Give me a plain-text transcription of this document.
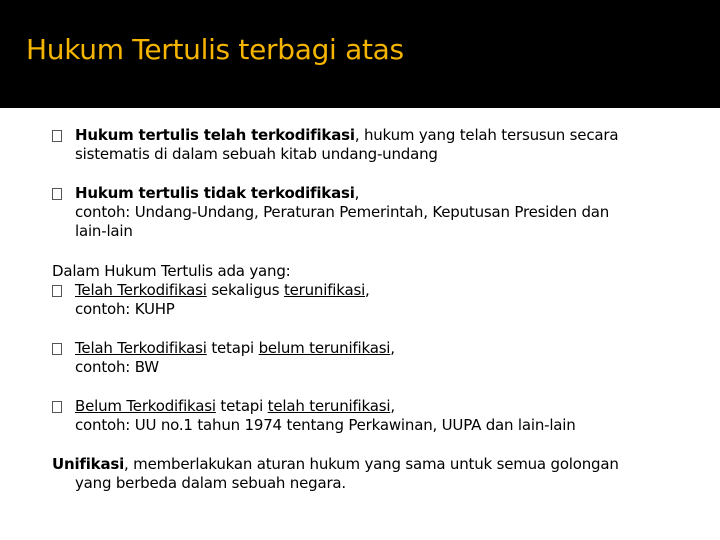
Hukum Tertulis terbagi atas
Hukum tertulis telah terkodifikasi, hukum yang telah tersusun secara
sistematis di dalam sebuah kitab undang-undang
Hukum tertulis tidak terkodifikasi,
contoh: Undang-Undang, Peraturan Pemerintah, Keputusan Presiden dan
lain-lain
Dalam Hukum Tertulis ada yang:
Telah Terkodifikasi sekaligus terunifikasi,
contoh: KUHP
Telah Terkodifikasi tetapi belum terunifikasi,
contoh: BW
Belum Terkodifikasi tetapi telah terunifikasi,
contoh: UU no.1 tahun 1974 tentang Perkawinan, UUPA dan lain-lain
Unifikasi, memberlakukan aturan hukum yang sama untuk semua golongan
yang berbeda dalam sebuah negara.
